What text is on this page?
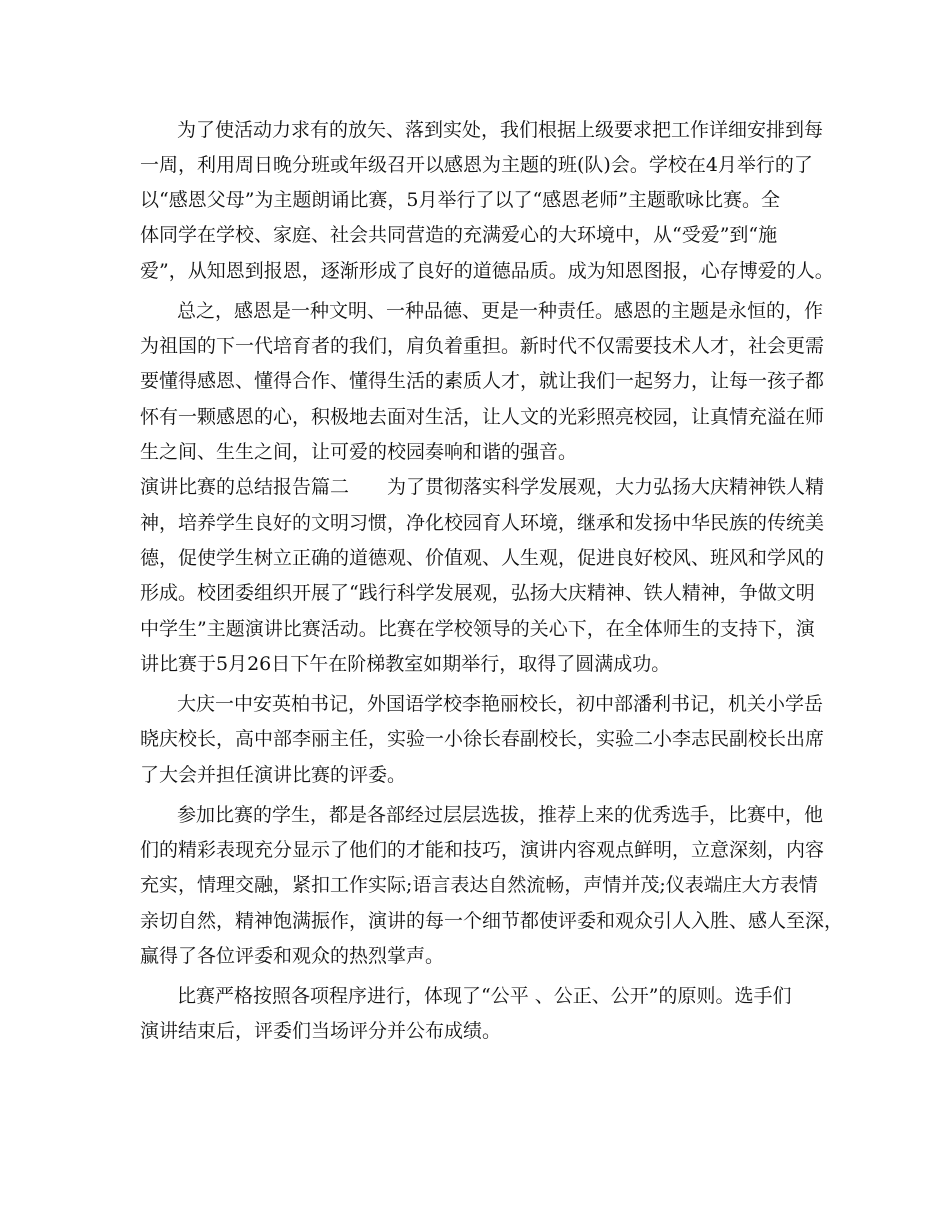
为了使活动力求有的放矢、落到实处，我们根据上级要求把工作详细安排到每
一周，利用周日晚分班或年级召开以感恩为主题的班(队)会。学校在4月举行的了
以“感恩父母”为主题朗诵比赛，5月举行了以了“感恩老师”主题歌咏比赛。全
体同学在学校、家庭、社会共同营造的充满爱心的大环境中，从“受爱”到“施
爱”，从知恩到报恩，逐渐形成了良好的道德品质。成为知恩图报，心存博爱的人。
总之，感恩是一种文明、一种品德、更是一种责任。感恩的主题是永恒的，作
为祖国的下一代培育者的我们，肩负着重担。新时代不仅需要技术人才，社会更需
要懂得感恩、懂得合作、懂得生活的素质人才，就让我们一起努力，让每一孩子都
怀有一颗感恩的心，积极地去面对生活，让人文的光彩照亮校园，让真情充溢在师
生之间、生生之间，让可爱的校园奏响和谐的强音。
演讲比赛的总结报告篇二　　为了贯彻落实科学发展观，大力弘扬大庆精神铁人精
神，培养学生良好的文明习惯，净化校园育人环境，继承和发扬中华民族的传统美
德，促使学生树立正确的道德观、价值观、人生观，促进良好校风、班风和学风的
形成。校团委组织开展了“践行科学发展观，弘扬大庆精神、铁人精神，争做文明
中学生”主题演讲比赛活动。比赛在学校领导的关心下，在全体师生的支持下，演
讲比赛于5月26日下午在阶梯教室如期举行，取得了圆满成功。
大庆一中安英柏书记，外国语学校李艳丽校长，初中部潘利书记，机关小学岳
晓庆校长，高中部李丽主任，实验一小徐长春副校长，实验二小李志民副校长出席
了大会并担任演讲比赛的评委。
参加比赛的学生，都是各部经过层层选拔，推荐上来的优秀选手，比赛中，他
们的精彩表现充分显示了他们的才能和技巧，演讲内容观点鲜明，立意深刻，内容
充实，情理交融，紧扣工作实际;语言表达自然流畅，声情并茂;仪表端庄大方表情
亲切自然，精神饱满振作，演讲的每一个细节都使评委和观众引人入胜、感人至深，
赢得了各位评委和观众的热烈掌声。
比赛严格按照各项程序进行，体现了“公平 、公正、公开”的原则。选手们
演讲结束后，评委们当场评分并公布成绩。
